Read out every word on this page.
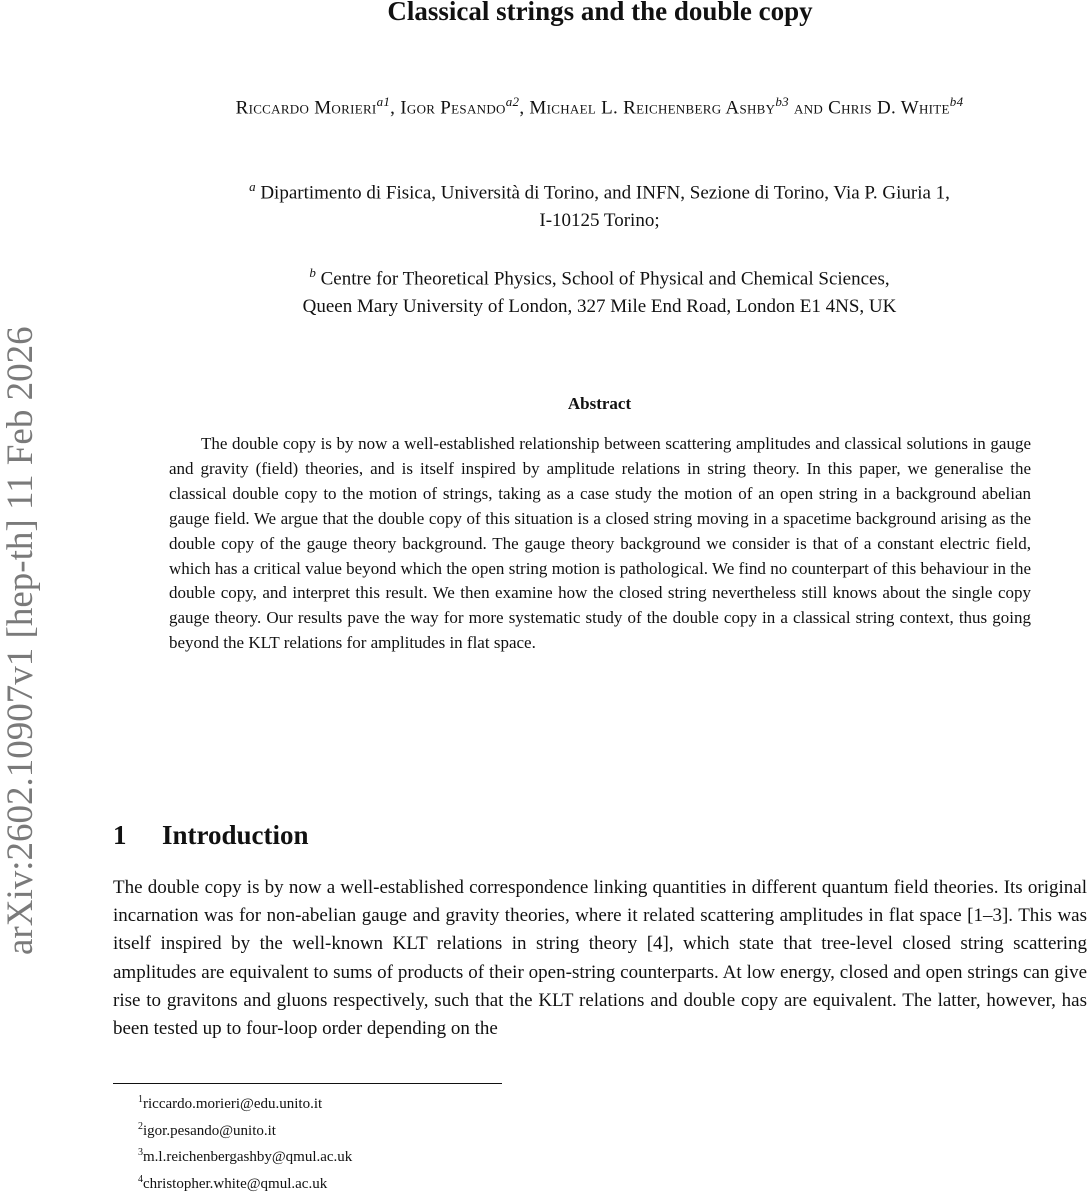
arXiv:2602.10907v1 [hep-th] 11 Feb 2026
Classical strings and the double copy
Riccardo Morieri$^{a1}$, Igor Pesando$^{a2}$, Michael L. Reichenberg Ashby$^{b3}$ and Chris D. White$^{b4}$
$^a$ Dipartimento di Fisica, Università di Torino, and INFN, Sezione di Torino, Via P. Giuria 1,
I-10125 Torino;
$^b$ Centre for Theoretical Physics, School of Physical and Chemical Sciences,
Queen Mary University of London, 327 Mile End Road, London E1 4NS, UK
Abstract

The double copy is by now a well-established relationship between scattering amplitudes and classical solutions in gauge and gravity (field) theories, and is itself inspired by amplitude relations in string theory. In this paper, we generalise the classical double copy to the motion of strings, taking as a case study the motion of an open string in a background abelian gauge field. We argue that the double copy of this situation is a closed string moving in a spacetime background arising as the double copy of the gauge theory background. The gauge theory background we consider is that of a constant electric field, which has a critical value beyond which the open string motion is pathological. We find no counterpart of this behaviour in the double copy, and interpret this result. We then examine how the closed string nevertheless still knows about the single copy gauge theory. Our results pave the way for more systematic study of the double copy in a classical string context, thus going beyond the KLT relations for amplitudes in flat space.

1 Introduction

The double copy is by now a well-established correspondence linking quantities in different quantum field theories. Its original incarnation was for non-abelian gauge and gravity theories, where it related scattering amplitudes in flat space [1–3]. This was itself inspired by the well-known KLT relations in string theory [4], which state that tree-level closed string scattering amplitudes are equivalent to sums of products of their open-string counterparts. At low energy, closed and open strings can give rise to gravitons and gluons respectively, such that the KLT relations and double copy are equivalent. The latter, however, has been tested up to four-loop order depending on the

$^1$riccardo.morieri@edu.unito.it
$^2$igor.pesando@unito.it
$^3$m.l.reichenbergashby@qmul.ac.uk
$^4$christopher.white@qmul.ac.uk
